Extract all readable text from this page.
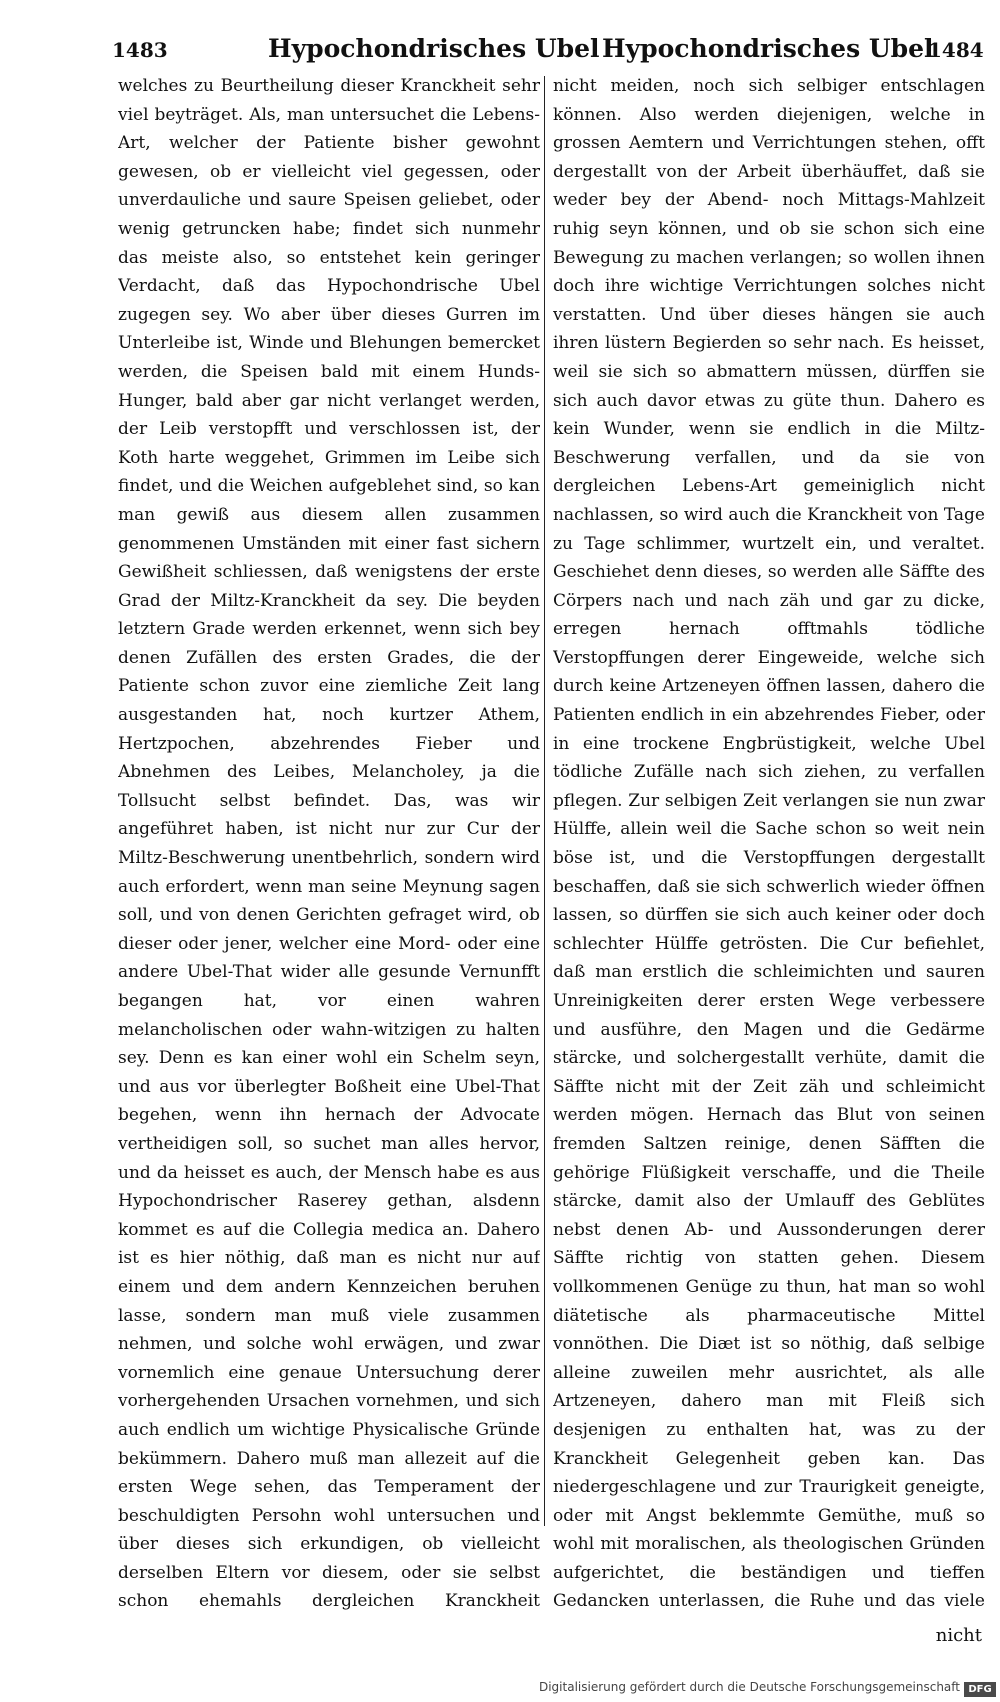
1483	Hypochondrisches Ubel Hypochondrisches Ubel
1484

welches zu Beurtheilung dieser Kranckheit sehr viel beyträget. Als, man untersuchet die Lebens-Art, welcher der Patiente bisher gewohnt gewesen, ob er vielleicht viel gegessen, oder unverdauliche und saure Speisen geliebet, oder wenig getruncken habe; findet sich nunmehr das meiste also, so entstehet kein geringer Verdacht, daß das Hypochondrische Ubel zugegen sey. Wo aber über dieses Gurren im Unterleibe ist, Winde und Blehungen bemercket werden, die Speisen bald mit einem Hunds-Hunger, bald aber gar nicht verlanget werden, der Leib verstopfft und verschlossen ist, der Koth harte weggehet, Grimmen im Leibe sich findet, und die Weichen aufgeblehet sind, so kan man gewiß aus diesem allen zusammen genommenen Umständen mit einer fast sichern Gewißheit schliessen, daß wenigstens der erste Grad der Miltz-Kranckheit da sey. Die beyden letztern Grade werden erkennet, wenn sich bey denen Zufällen des ersten Grades, die der Patiente schon zuvor eine ziemliche Zeit lang ausgestanden hat, noch kurtzer Athem, Hertzpochen, abzehrendes Fieber und Abnehmen des Leibes, Melancholey, ja die Tollsucht selbst befindet. Das, was wir angeführet haben, ist nicht nur zur Cur der Miltz-Beschwerung unentbehrlich, sondern wird auch erfordert, wenn man seine Meynung sagen soll, und von denen Gerichten gefraget wird, ob dieser oder jener, welcher eine Mord- oder eine andere Ubel-That wider alle gesunde Vernunfft begangen hat, vor einen wahren melancholischen oder wahn-witzigen zu halten sey. Denn es kan einer wohl ein Schelm seyn, und aus vor überlegter Boßheit eine Ubel-That begehen, wenn ihn hernach der Advocate vertheidigen soll, so suchet man alles hervor, und da heisset es auch, der Mensch habe es aus Hypochondrischer Raserey gethan, alsdenn kommet es auf die Collegia medica an. Dahero ist es hier nöthig, daß man es nicht nur auf einem und dem andern Kennzeichen beruhen lasse, sondern man muß viele zusammen nehmen, und solche wohl erwägen, und zwar vornemlich eine genaue Untersuchung derer vorhergehenden Ursachen vornehmen, und sich auch endlich um wichtige Physicalische Gründe bekümmern. Dahero muß man allezeit auf die ersten Wege sehen, das Temperament der beschuldigten Persohn wohl untersuchen und über dieses sich erkundigen, ob vielleicht derselben Eltern vor diesem, oder sie selbst schon ehemahls dergleichen Kranckheit

nicht meiden, noch sich selbiger entschlagen können. Also werden diejenigen, welche in grossen Aemtern und Verrichtungen stehen, offt dergestallt von der Arbeit überhäuffet, daß sie weder bey der Abend- noch Mittags-Mahlzeit ruhig seyn können, und ob sie schon sich eine Bewegung zu machen verlangen; so wollen ihnen doch ihre wichtige Verrichtungen solches nicht verstatten. Und über dieses hängen sie auch ihren lüstern Begierden so sehr nach. Es heisset, weil sie sich so abmattern müssen, dürffen sie sich auch davor etwas zu güte thun. Dahero es kein Wunder, wenn sie endlich in die Miltz-Beschwerung verfallen, und da sie von dergleichen Lebens-Art gemeiniglich nicht nachlassen, so wird auch die Kranckheit von Tage zu Tage schlimmer, wurtzelt ein, und veraltet. Geschiehet denn dieses, so werden alle Säffte des Cörpers nach und nach zäh und gar zu dicke, erregen hernach offtmahls tödliche Verstopffungen derer Eingeweide, welche sich durch keine Artzeneyen öffnen lassen, dahero die Patienten endlich in ein abzehrendes Fieber, oder in eine trockene Engbrüstigkeit, welche Ubel tödliche Zufälle nach sich ziehen, zu verfallen pflegen. Zur selbigen Zeit verlangen sie nun zwar Hülffe, allein weil die Sache schon so weit nein böse ist, und die Verstopffungen dergestallt beschaffen, daß sie sich schwerlich wieder öffnen lassen, so dürffen sie sich auch keiner oder doch schlechter Hülffe getrösten. Die Cur befiehlet, daß man erstlich die schleimichten und sauren Unreinigkeiten derer ersten Wege verbessere und ausführe, den Magen und die Gedärme stärcke, und solchergestallt verhüte, damit die Säffte nicht mit der Zeit zäh und schleimicht werden mögen. Hernach das Blut von seinen fremden Saltzen reinige, denen Säfften die gehörige Flüßigkeit verschaffe, und die Theile stärcke, damit also der Umlauff des Geblütes nebst denen Ab- und Aussonderungen derer Säffte richtig von statten gehen. Diesem vollkommenen Genüge zu thun, hat man so wohl diätetische als pharmaceutische Mittel vonnöthen. Die Diæt ist so nöthig, daß selbige alleine zuweilen mehr ausrichtet, als alle Artzeneyen, dahero man mit Fleiß sich desjenigen zu enthalten hat, was zu der Kranckheit Gelegenheit geben kan. Das niedergeschlagene und zur Traurigkeit geneigte, oder mit Angst beklemmte Gemüthe, muß so wohl mit moralischen, als theologischen Gründen aufgerichtet, die beständigen und tieffen Gedancken unterlassen, die Ruhe und das viele

nicht
Digitalisierung gefördert durch die Deutsche Forschungsgemeinschaft DFG
